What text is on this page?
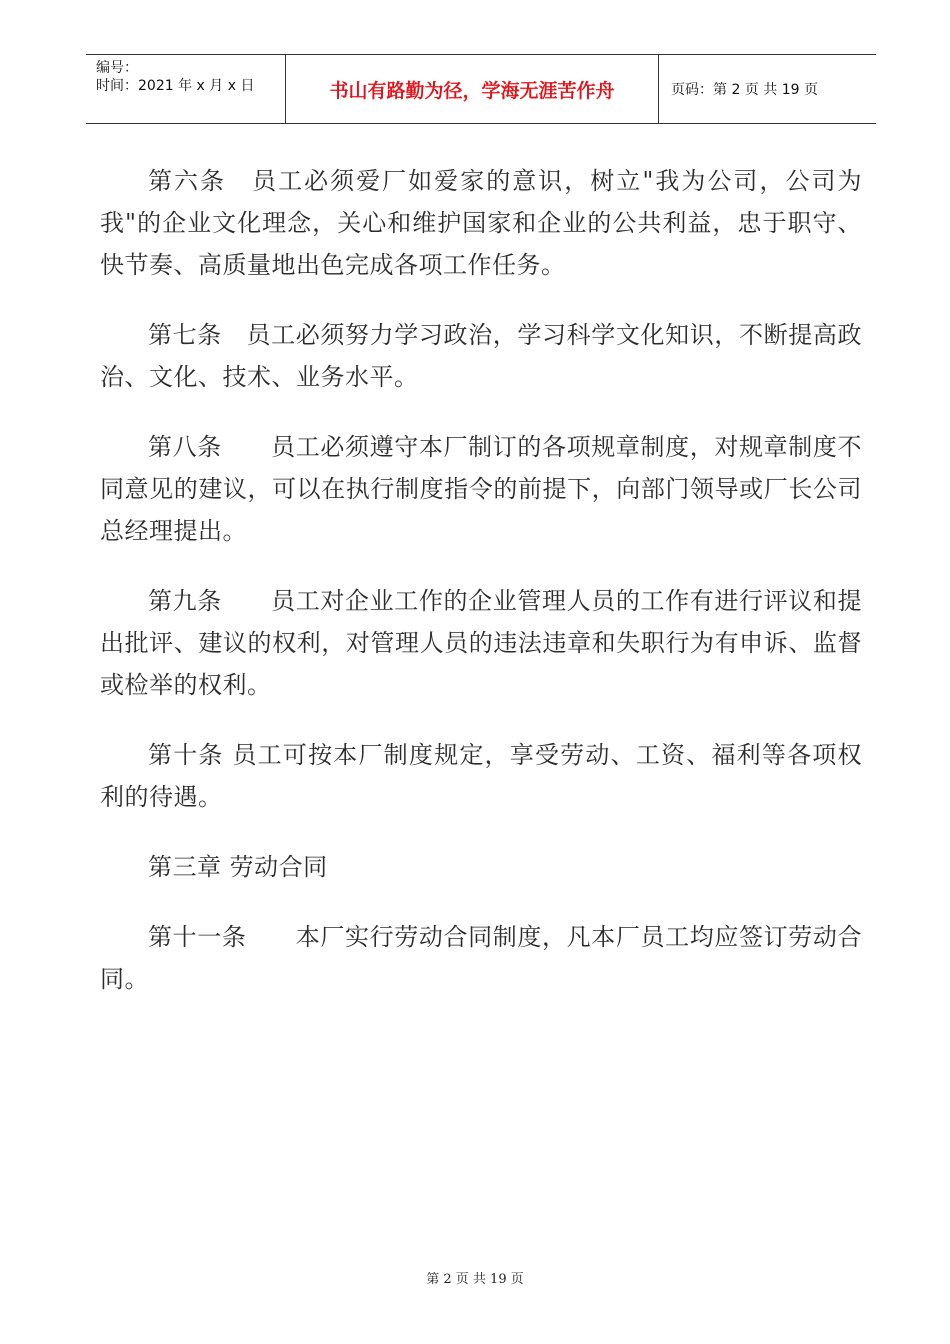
编号：
时间：2021 年 x 月 x 日	书山有路勤为径，学海无涯苦作舟	页码：第 2 页 共 19 页

第六条　员工必须爱厂如爱家的意识，树立"我为公司，公司为我"的企业文化理念，关心和维护国家和企业的公共利益，忠于职守、快节奏、高质量地出色完成各项工作任务。

第七条　员工必须努力学习政治，学习科学文化知识，不断提高政治、文化、技术、业务水平。

第八条　　员工必须遵守本厂制订的各项规章制度，对规章制度不同意见的建议，可以在执行制度指令的前提下，向部门领导或厂长公司总经理提出。

第九条　　员工对企业工作的企业管理人员的工作有进行评议和提出批评、建议的权利，对管理人员的违法违章和失职行为有申诉、监督或检举的权利。

第十条 员工可按本厂制度规定，享受劳动、工资、福利等各项权利的待遇。

第三章 劳动合同

第十一条　　本厂实行劳动合同制度，凡本厂员工均应签订劳动合同。

第 2 页 共 19 页
